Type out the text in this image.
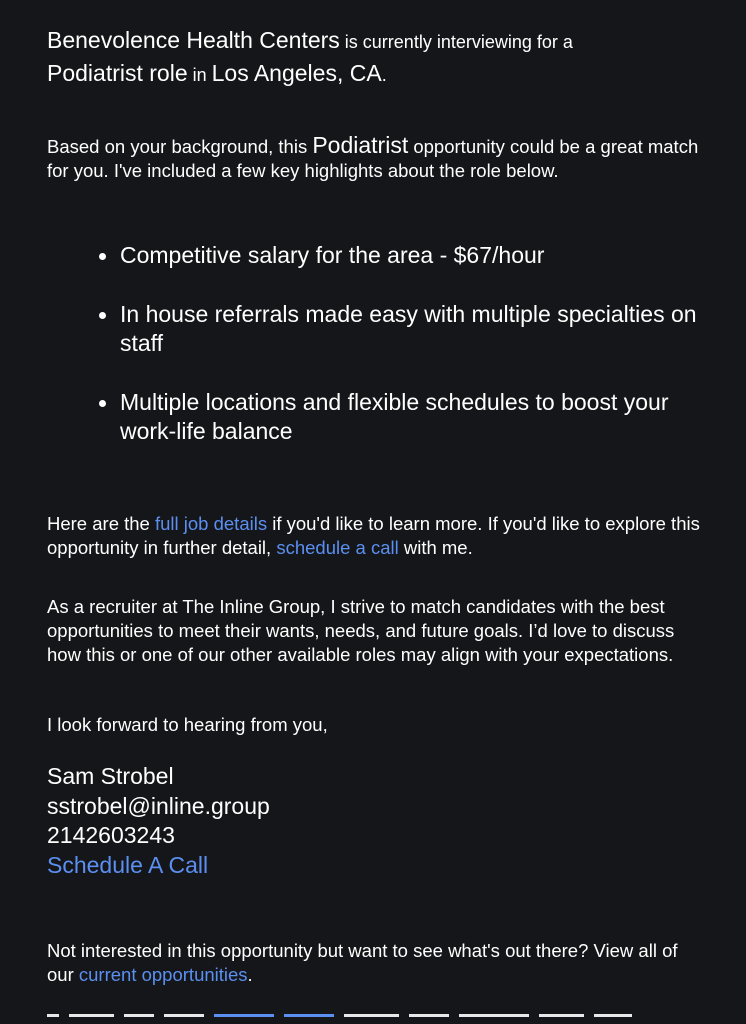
Benevolence Health Centers is currently interviewing for a
Podiatrist role in Los Angeles, CA.
Based on your background, this Podiatrist opportunity could be a great match for you. I've included a few key highlights about the role below.
Competitive salary for the area - $67/hour
In house referrals made easy with multiple specialties on staff
Multiple locations and flexible schedules to boost your work-life balance
Here are the full job details if you'd like to learn more. If you'd like to explore this opportunity in further detail, schedule a call with me.
As a recruiter at The Inline Group, I strive to match candidates with the best opportunities to meet their wants, needs, and future goals. I’d love to discuss how this or one of our other available roles may align with your expectations.
I look forward to hearing from you,
Sam Strobel
sstrobel@inline.group
2142603243
Schedule A Call
Not interested in this opportunity but want to see what's out there? View all of our current opportunities.
